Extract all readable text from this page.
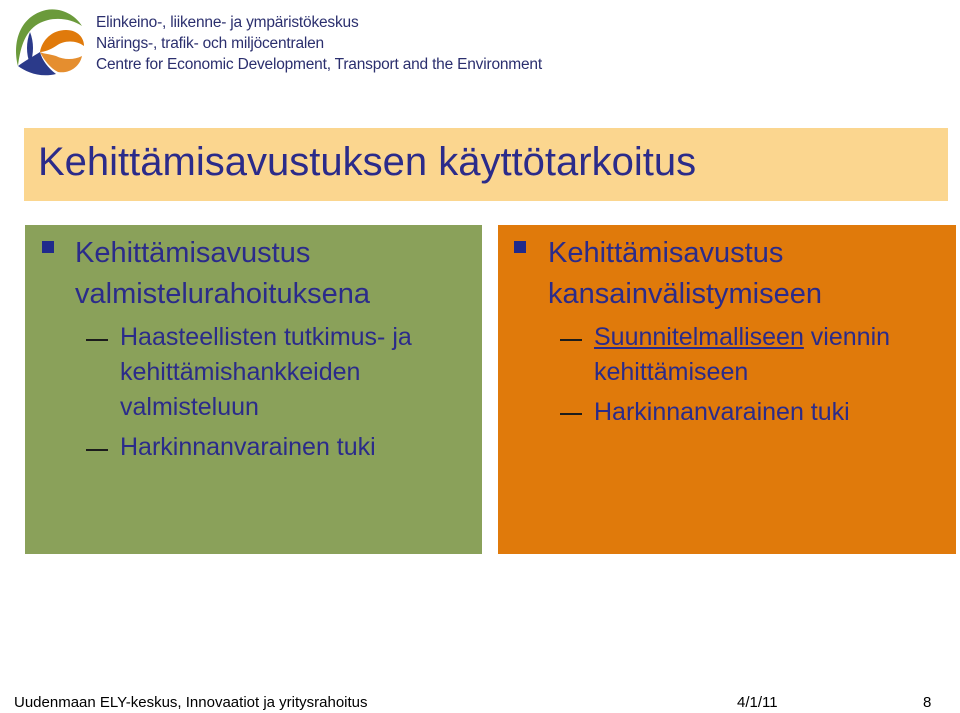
Elinkeino-, liikenne- ja ympäristökeskus
Närings-, trafik- och miljöcentralen
Centre for Economic Development, Transport and the Environment
Kehittämisavustuksen käyttötarkoitus
Kehittämisavustus
valmistelurahoituksena
Haasteellisten tutkimus- ja
kehittämishankkeiden
valmisteluun
Harkinnanvarainen tuki
Kehittämisavustus
kansainvälistymiseen
Suunnitelmalliseen viennin
kehittämiseen
Harkinnanvarainen tuki
Uudenmaan ELY-keskus, Innovaatiot ja yritysrahoitus	4/1/11	8
